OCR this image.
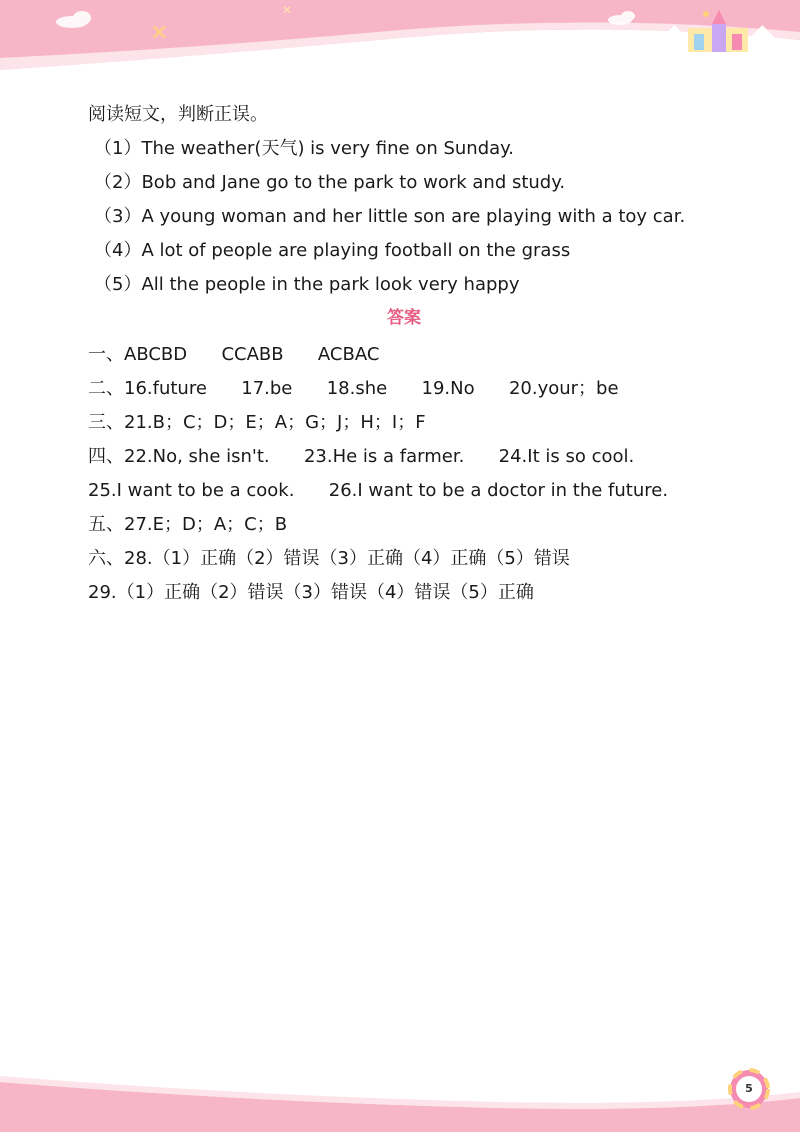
✕
✕

阅读短文，判断正误。

（1）The weather(天气) is very fine on Sunday.

（2）Bob and Jane go to the park to work and study.

（3）A young woman and her little son are playing with a toy car.

（4）A lot of people are playing football on the grass

（5）All the people in the park look very happy

答案

一、ABCBD      CCABB      ACBAC

二、16.future      17.be      18.she      19.No      20.your；be

三、21.B；C；D；E；A；G；J；H；I；F

四、22.No, she isn't.      23.He is a farmer.      24.It is so cool.

25.I want to be a cook.      26.I want to be a doctor in the future.

五、27.E；D；A；C；B

六、28.（1）正确（2）错误（3）正确（4）正确（5）错误

29.（1）正确（2）错误（3）错误（4）错误（5）正确

5
